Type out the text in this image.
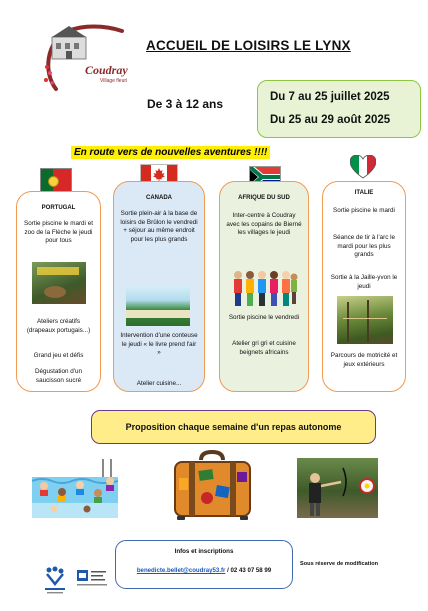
Coudray
Village fleuri
ACCUEIL DE LOISIRS LE LYNX
De 3 à 12 ans	Du 7 au 25 juillet 2025
Du 25 au 29 août 2025
En route vers de nouvelles aventures !!!!
PORTUGAL
Sortie piscine le mardi et zoo de la Flèche le jeudi pour tous
Ateliers créatifs (drapeaux portugais...)
Grand jeu et défis
Dégustation d'un saucisson sucré
CANADA
Sortie plein-air à la base de loisirs de Brûlon le vendredi + séjour au même endroit pour les plus grands
Intervention d'une conteuse le jeudi « le livre prend l'air »
Atelier cuisine...
AFRIQUE DU SUD
Inter-centre à Coudray avec les copains de Bierné les villages le jeudi
Sortie piscine le vendredi
Atelier gri gri et cuisine beignets africains
ITALIE
Sortie piscine le mardi
Séance de tir à l'arc le mardi pour les plus grands
Sortie à la Jaille-yvon le jeudi
Parcours de motricité et jeux extérieurs
Proposition chaque semaine d'un repas autonome
Infos et inscriptions
benedicte.bellet@coudray53.fr / 02 43 07 58 99
Sous réserve de modification
